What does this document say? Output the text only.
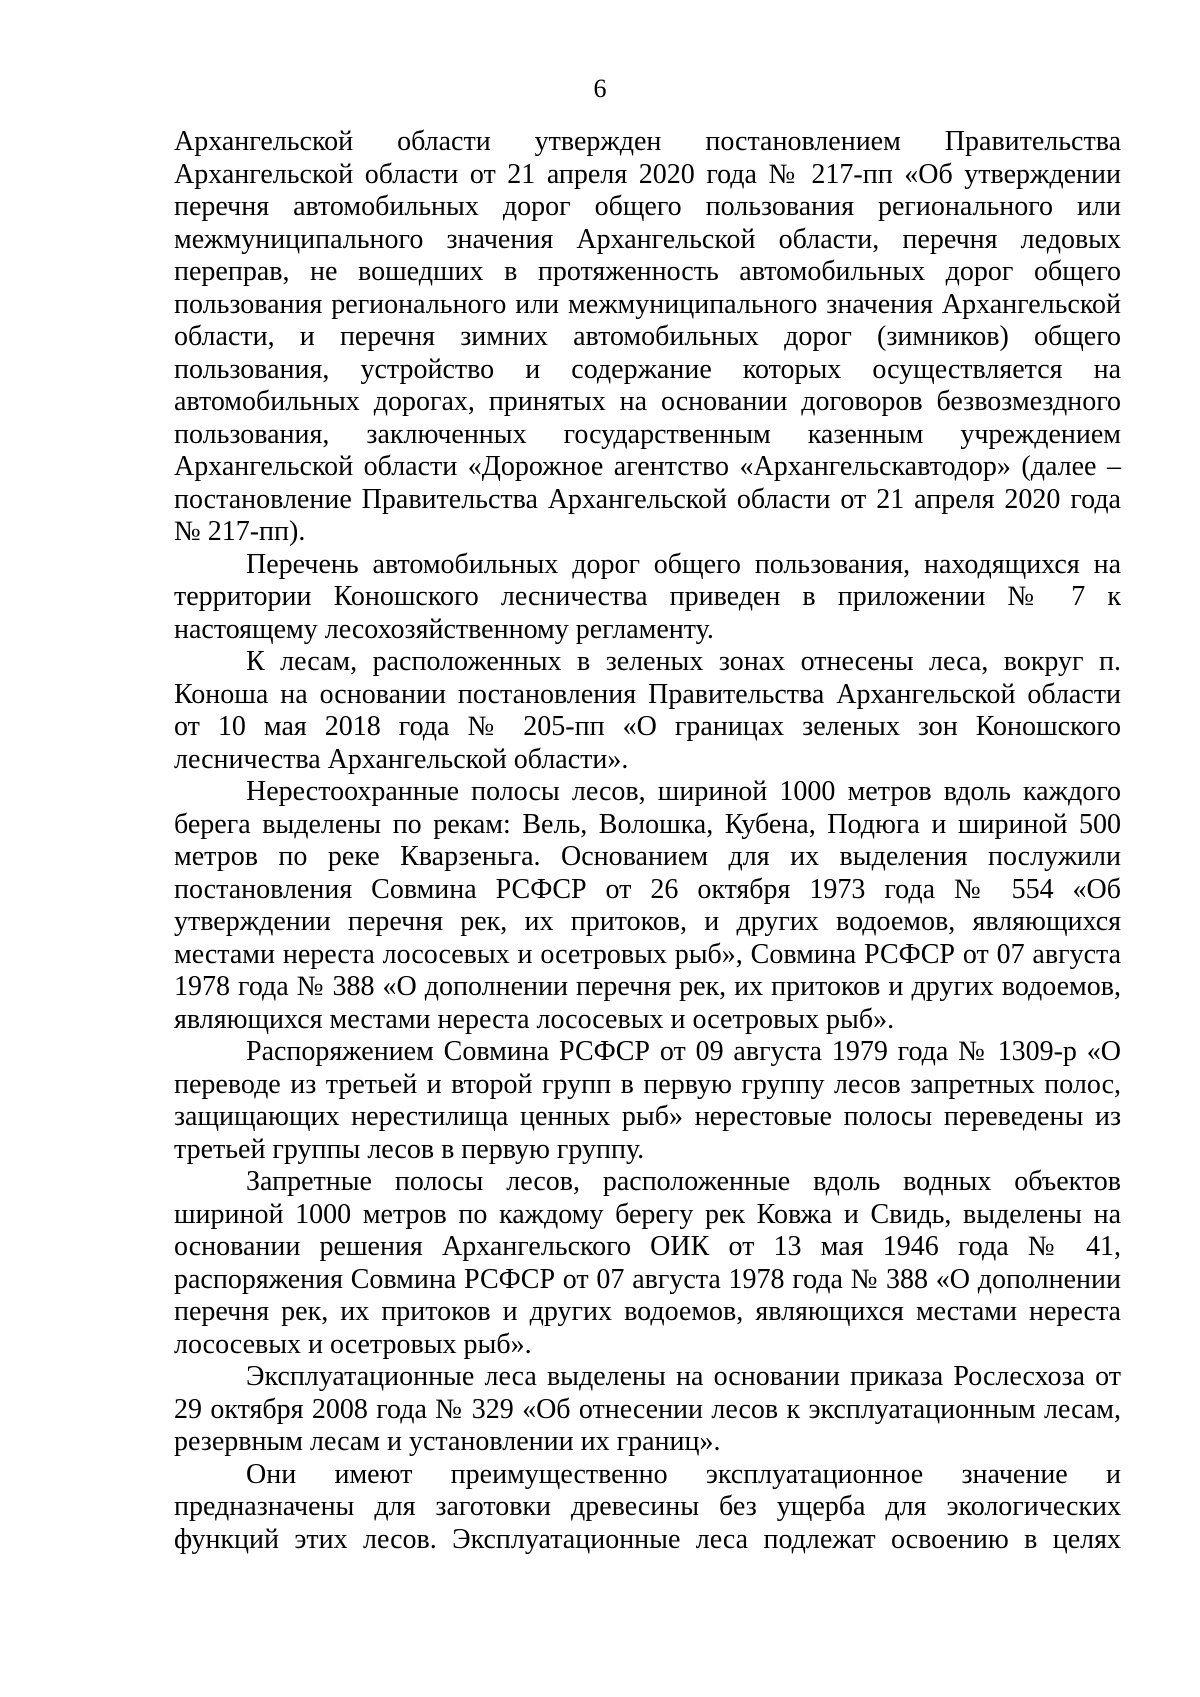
6

Архангельской области утвержден постановлением Правительства Архангельской области от 21 апреля 2020 года № 217-пп «Об утверждении перечня автомобильных дорог общего пользования регионального или межмуниципального значения Архангельской области, перечня ледовых переправ, не вошедших в протяженность автомобильных дорог общего пользования регионального или межмуниципального значения Архангельской области, и перечня зимних автомобильных дорог (зимников) общего пользования, устройство и содержание которых осуществляется на автомобильных дорогах, принятых на основании договоров безвозмездного пользования, заключенных государственным казенным учреждением Архангельской области «Дорожное агентство «Архангельскавтодор» (далее – постановление Правительства Архангельской области от 21 апреля 2020 года № 217-пп).

Перечень автомобильных дорог общего пользования, находящихся на территории Коношского лесничества приведен в приложении № 7 к настоящему лесохозяйственному регламенту.

К лесам, расположенных в зеленых зонах отнесены леса, вокруг п. Коноша на основании постановления Правительства Архангельской области от 10 мая 2018 года № 205-пп «О границах зеленых зон Коношского лесничества Архангельской области».

Нерестоохранные полосы лесов, шириной 1000 метров вдоль каждого берега выделены по рекам: Вель, Волошка, Кубена, Подюга и шириной 500 метров по реке Кварзеньга. Основанием для их выделения послужили постановления Совмина РСФСР от 26 октября 1973 года № 554 «Об утверждении перечня рек, их притоков, и других водоемов, являющихся местами нереста лососевых и осетровых рыб», Совмина РСФСР от 07 августа 1978 года № 388 «О дополнении перечня рек, их притоков и других водоемов, являющихся местами нереста лососевых и осетровых рыб».

Распоряжением Совмина РСФСР от 09 августа 1979 года № 1309-р «О переводе из третьей и второй групп в первую группу лесов запретных полос, защищающих нерестилища ценных рыб» нерестовые полосы переведены из третьей группы лесов в первую группу.

Запретные полосы лесов, расположенные вдоль водных объектов шириной 1000 метров по каждому берегу рек Ковжа и Свидь, выделены на основании решения Архангельского ОИК от 13 мая 1946 года № 41, распоряжения Совмина РСФСР от 07 августа 1978 года № 388 «О дополнении перечня рек, их притоков и других водоемов, являющихся местами нереста лососевых и осетровых рыб».

Эксплуатационные леса выделены на основании приказа Рослесхоза от 29 октября 2008 года № 329 «Об отнесении лесов к эксплуатационным лесам, резервным лесам и установлении их границ».

Они имеют преимущественно эксплуатационное значение и предназначены для заготовки древесины без ущерба для экологических функций этих лесов. Эксплуатационные леса подлежат освоению в целях
